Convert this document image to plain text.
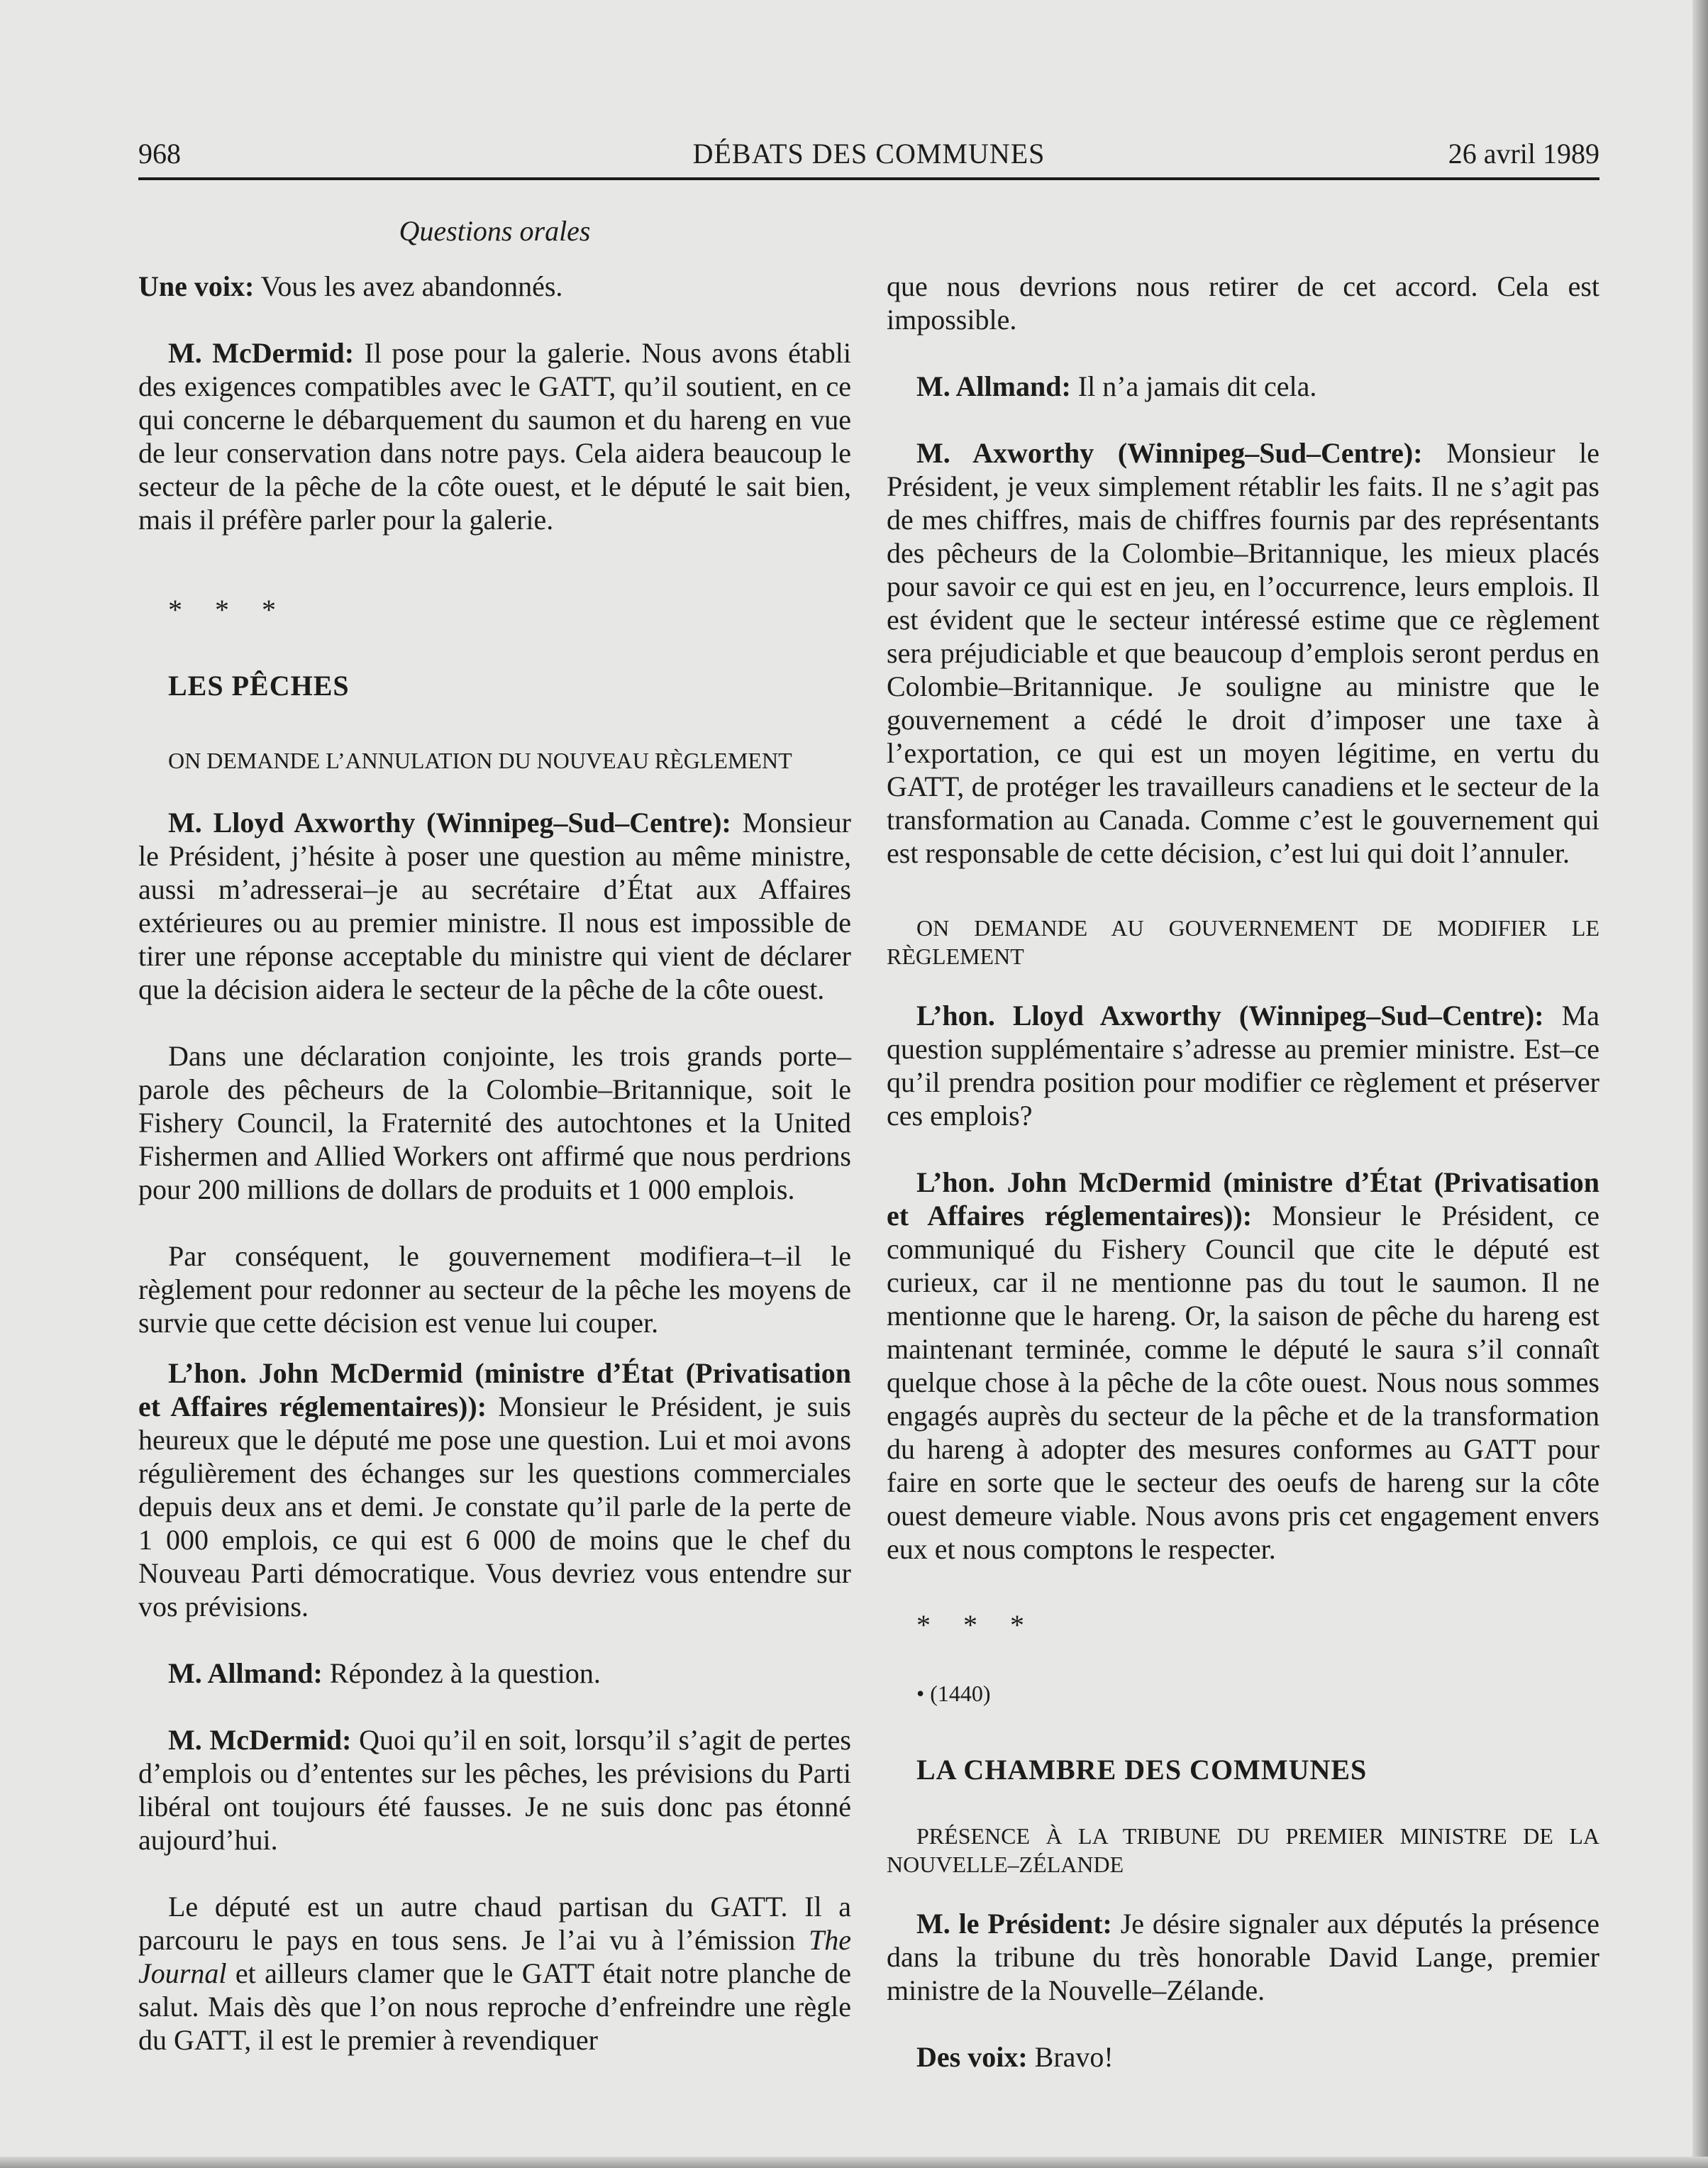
968	DÉBATS DES COMMUNES	26 avril 1989
Questions orales

Une voix: Vous les avez abandonnés.

M. McDermid: Il pose pour la galerie. Nous avons établi des exigences compatibles avec le GATT, qu’il soutient, en ce qui concerne le débarquement du saumon et du hareng en vue de leur conservation dans notre pays. Cela aidera beaucoup le secteur de la pêche de la côte ouest, et le député le sait bien, mais il préfère parler pour la galerie.

* * *

LES PÊCHES

ON DEMANDE L’ANNULATION DU NOUVEAU RÈGLEMENT

M. Lloyd Axworthy (Winnipeg–Sud–Centre): Monsieur le Président, j’hésite à poser une question au même ministre, aussi m’adresserai–je au secrétaire d’État aux Affaires extérieures ou au premier ministre. Il nous est impossible de tirer une réponse acceptable du ministre qui vient de déclarer que la décision aidera le secteur de la pêche de la côte ouest.

Dans une déclaration conjointe, les trois grands porte–parole des pêcheurs de la Colombie–Britannique, soit le Fishery Council, la Fraternité des autochtones et la United Fishermen and Allied Workers ont affirmé que nous perdrions pour 200 millions de dollars de produits et 1 000 emplois.

Par conséquent, le gouvernement modifiera–t–il le règlement pour redonner au secteur de la pêche les moyens de survie que cette décision est venue lui couper.

L’hon. John McDermid (ministre d’État (Privatisation et Affaires réglementaires)): Monsieur le Président, je suis heureux que le député me pose une question. Lui et moi avons régulièrement des échanges sur les questions commerciales depuis deux ans et demi. Je constate qu’il parle de la perte de 1 000 emplois, ce qui est 6 000 de moins que le chef du Nouveau Parti démocratique. Vous devriez vous entendre sur vos prévisions.

M. Allmand: Répondez à la question.

M. McDermid: Quoi qu’il en soit, lorsqu’il s’agit de pertes d’emplois ou d’ententes sur les pêches, les prévisions du Parti libéral ont toujours été fausses. Je ne suis donc pas étonné aujourd’hui.

Le député est un autre chaud partisan du GATT. Il a parcouru le pays en tous sens. Je l’ai vu à l’émission The Journal et ailleurs clamer que le GATT était notre planche de salut. Mais dès que l’on nous reproche d’enfreindre une règle du GATT, il est le premier à revendiquer

que nous devrions nous retirer de cet accord. Cela est impossible.

M. Allmand: Il n’a jamais dit cela.

M. Axworthy (Winnipeg–Sud–Centre): Monsieur le Président, je veux simplement rétablir les faits. Il ne s’agit pas de mes chiffres, mais de chiffres fournis par des représentants des pêcheurs de la Colombie–Britannique, les mieux placés pour savoir ce qui est en jeu, en l’occurrence, leurs emplois. Il est évident que le secteur intéressé estime que ce règlement sera préjudiciable et que beaucoup d’emplois seront perdus en Colombie–Britannique. Je souligne au ministre que le gouvernement a cédé le droit d’imposer une taxe à l’exportation, ce qui est un moyen légitime, en vertu du GATT, de protéger les travailleurs canadiens et le secteur de la transformation au Canada. Comme c’est le gouvernement qui est responsable de cette décision, c’est lui qui doit l’annuler.

ON DEMANDE AU GOUVERNEMENT DE MODIFIER LE RÈGLEMENT

L’hon. Lloyd Axworthy (Winnipeg–Sud–Centre): Ma question supplémentaire s’adresse au premier ministre. Est–ce qu’il prendra position pour modifier ce règlement et préserver ces emplois?

L’hon. John McDermid (ministre d’État (Privatisation et Affaires réglementaires)): Monsieur le Président, ce communiqué du Fishery Council que cite le député est curieux, car il ne mentionne pas du tout le saumon. Il ne mentionne que le hareng. Or, la saison de pêche du hareng est maintenant terminée, comme le député le saura s’il connaît quelque chose à la pêche de la côte ouest. Nous nous sommes engagés auprès du secteur de la pêche et de la transformation du hareng à adopter des mesures conformes au GATT pour faire en sorte que le secteur des oeufs de hareng sur la côte ouest demeure viable. Nous avons pris cet engagement envers eux et nous comptons le respecter.

* * *

• (1440)

LA CHAMBRE DES COMMUNES

PRÉSENCE À LA TRIBUNE DU PREMIER MINISTRE DE LA NOUVELLE–ZÉLANDE

M. le Président: Je désire signaler aux députés la présence dans la tribune du très honorable David Lange, premier ministre de la Nouvelle–Zélande.

Des voix: Bravo!
